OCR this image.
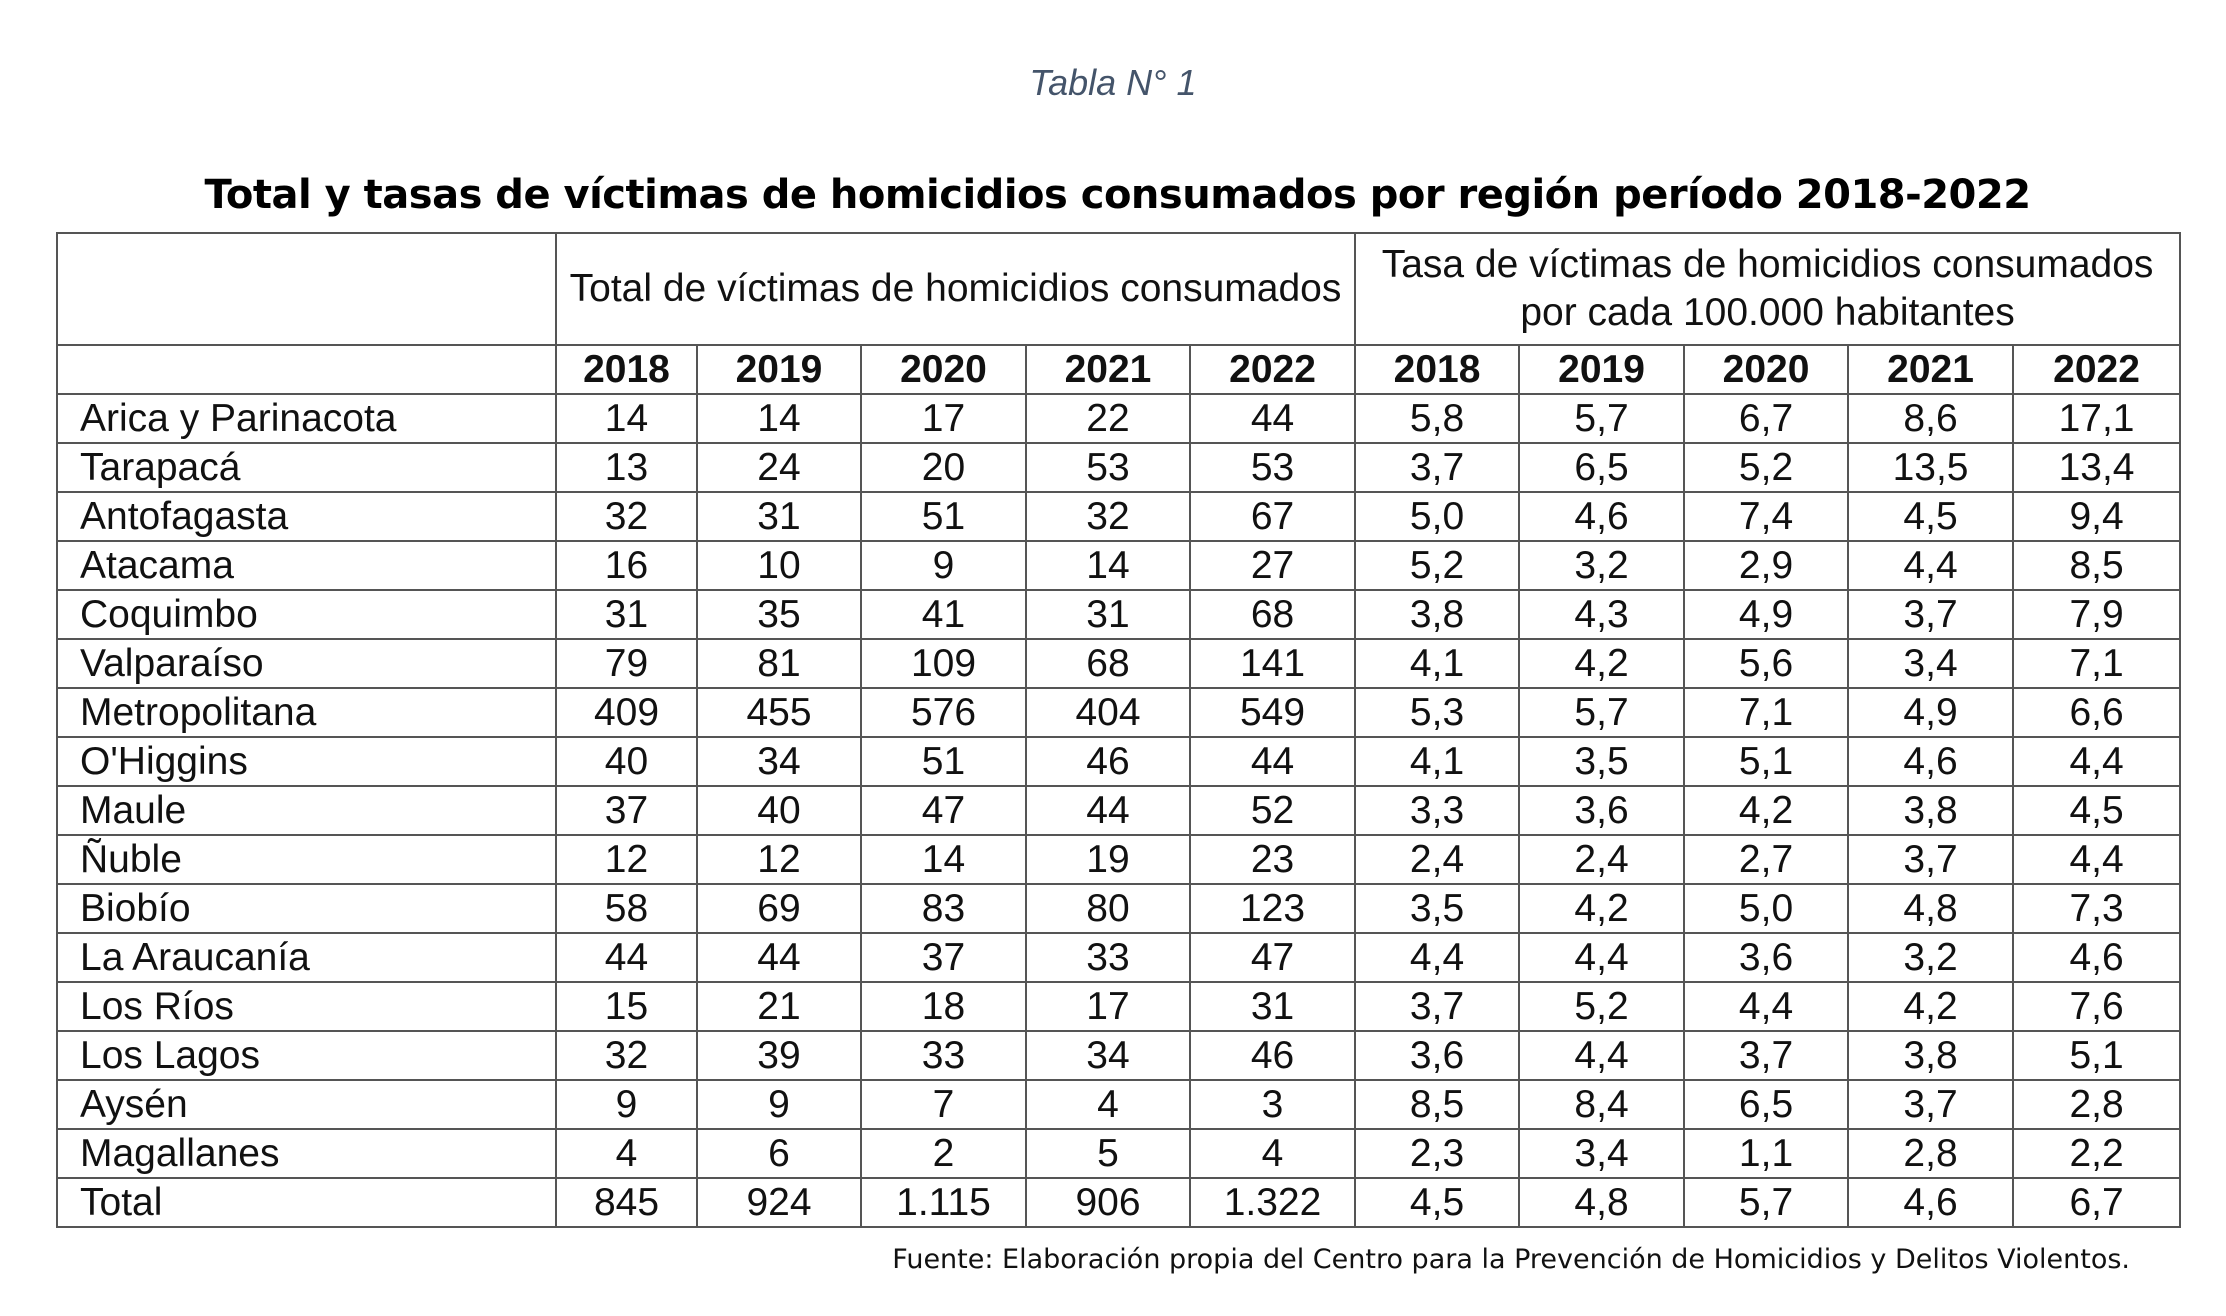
Tabla N° 1
Total y tasas de víctimas de homicidios consumados por región período 2018-2022
	Total de víctimas de homicidios consumados					Tasa de víctimas de homicidios consumados por cada 100.000 habitantes				
	2018	2019	2020	2021	2022	2018	2019	2020	2021	2022
Arica y Parinacota	14	14	17	22	44	5,8	5,7	6,7	8,6	17,1
Tarapacá	13	24	20	53	53	3,7	6,5	5,2	13,5	13,4
Antofagasta	32	31	51	32	67	5,0	4,6	7,4	4,5	9,4
Atacama	16	10	9	14	27	5,2	3,2	2,9	4,4	8,5
Coquimbo	31	35	41	31	68	3,8	4,3	4,9	3,7	7,9
Valparaíso	79	81	109	68	141	4,1	4,2	5,6	3,4	7,1
Metropolitana	409	455	576	404	549	5,3	5,7	7,1	4,9	6,6
O'Higgins	40	34	51	46	44	4,1	3,5	5,1	4,6	4,4
Maule	37	40	47	44	52	3,3	3,6	4,2	3,8	4,5
Ñuble	12	12	14	19	23	2,4	2,4	2,7	3,7	4,4
Biobío	58	69	83	80	123	3,5	4,2	5,0	4,8	7,3
La Araucanía	44	44	37	33	47	4,4	4,4	3,6	3,2	4,6
Los Ríos	15	21	18	17	31	3,7	5,2	4,4	4,2	7,6
Los Lagos	32	39	33	34	46	3,6	4,4	3,7	3,8	5,1
Aysén	9	9	7	4	3	8,5	8,4	6,5	3,7	2,8
Magallanes	4	6	2	5	4	2,3	3,4	1,1	2,8	2,2
Total	845	924	1.115	906	1.322	4,5	4,8	5,7	4,6	6,7
Fuente: Elaboración propia del Centro para la Prevención de Homicidios y Delitos Violentos.
